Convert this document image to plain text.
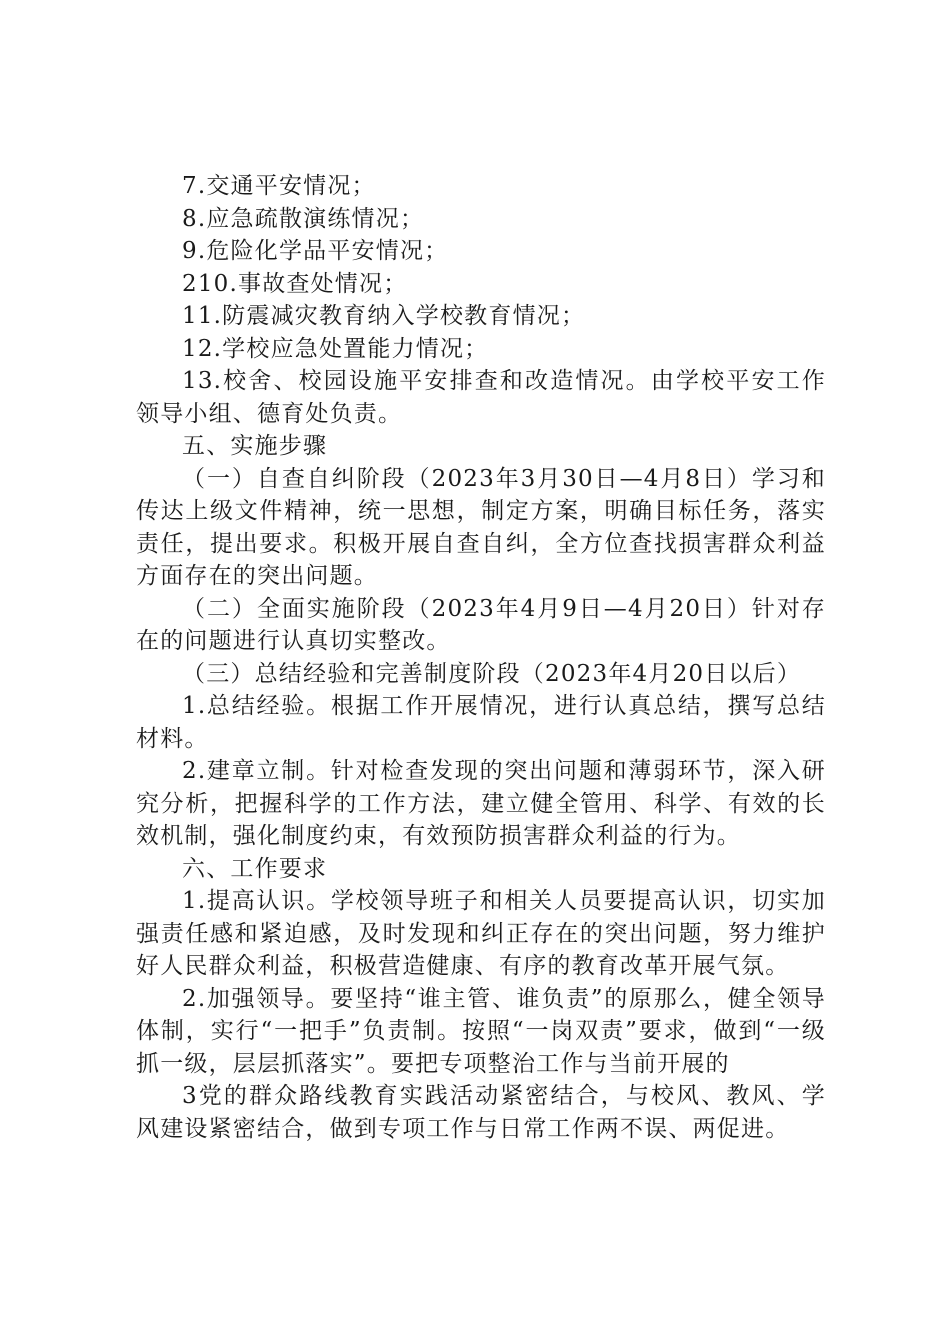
7.交通平安情况；

8.应急疏散演练情况；

9.危险化学品平安情况；

210.事故查处情况；

11.防震减灾教育纳入学校教育情况；

12.学校应急处置能力情况；

13.校舍、校园设施平安排查和改造情况。由学校平安工作领导小组、德育处负责。

五、实施步骤

（一）自查自纠阶段（2023年3月30日—4月8日）学习和传达上级文件精神，统一思想，制定方案，明确目标任务，落实责任，提出要求。积极开展自查自纠，全方位查找损害群众利益方面存在的突出问题。

（二）全面实施阶段（2023年4月9日—4月20日）针对存在的问题进行认真切实整改。

（三）总结经验和完善制度阶段（2023年4月20日以后）

1.总结经验。根据工作开展情况，进行认真总结，撰写总结材料。

2.建章立制。针对检查发现的突出问题和薄弱环节，深入研究分析，把握科学的工作方法，建立健全管用、科学、有效的长效机制，强化制度约束，有效预防损害群众利益的行为。

六、工作要求

1.提高认识。学校领导班子和相关人员要提高认识，切实加强责任感和紧迫感，及时发现和纠正存在的突出问题，努力维护好人民群众利益，积极营造健康、有序的教育改革开展气氛。

2.加强领导。要坚持“谁主管、谁负责”的原那么，健全领导体制，实行“一把手”负责制。按照“一岗双责”要求，做到“一级抓一级，层层抓落实”。要把专项整治工作与当前开展的

3党的群众路线教育实践活动紧密结合，与校风、教风、学风建设紧密结合，做到专项工作与日常工作两不误、两促进。
